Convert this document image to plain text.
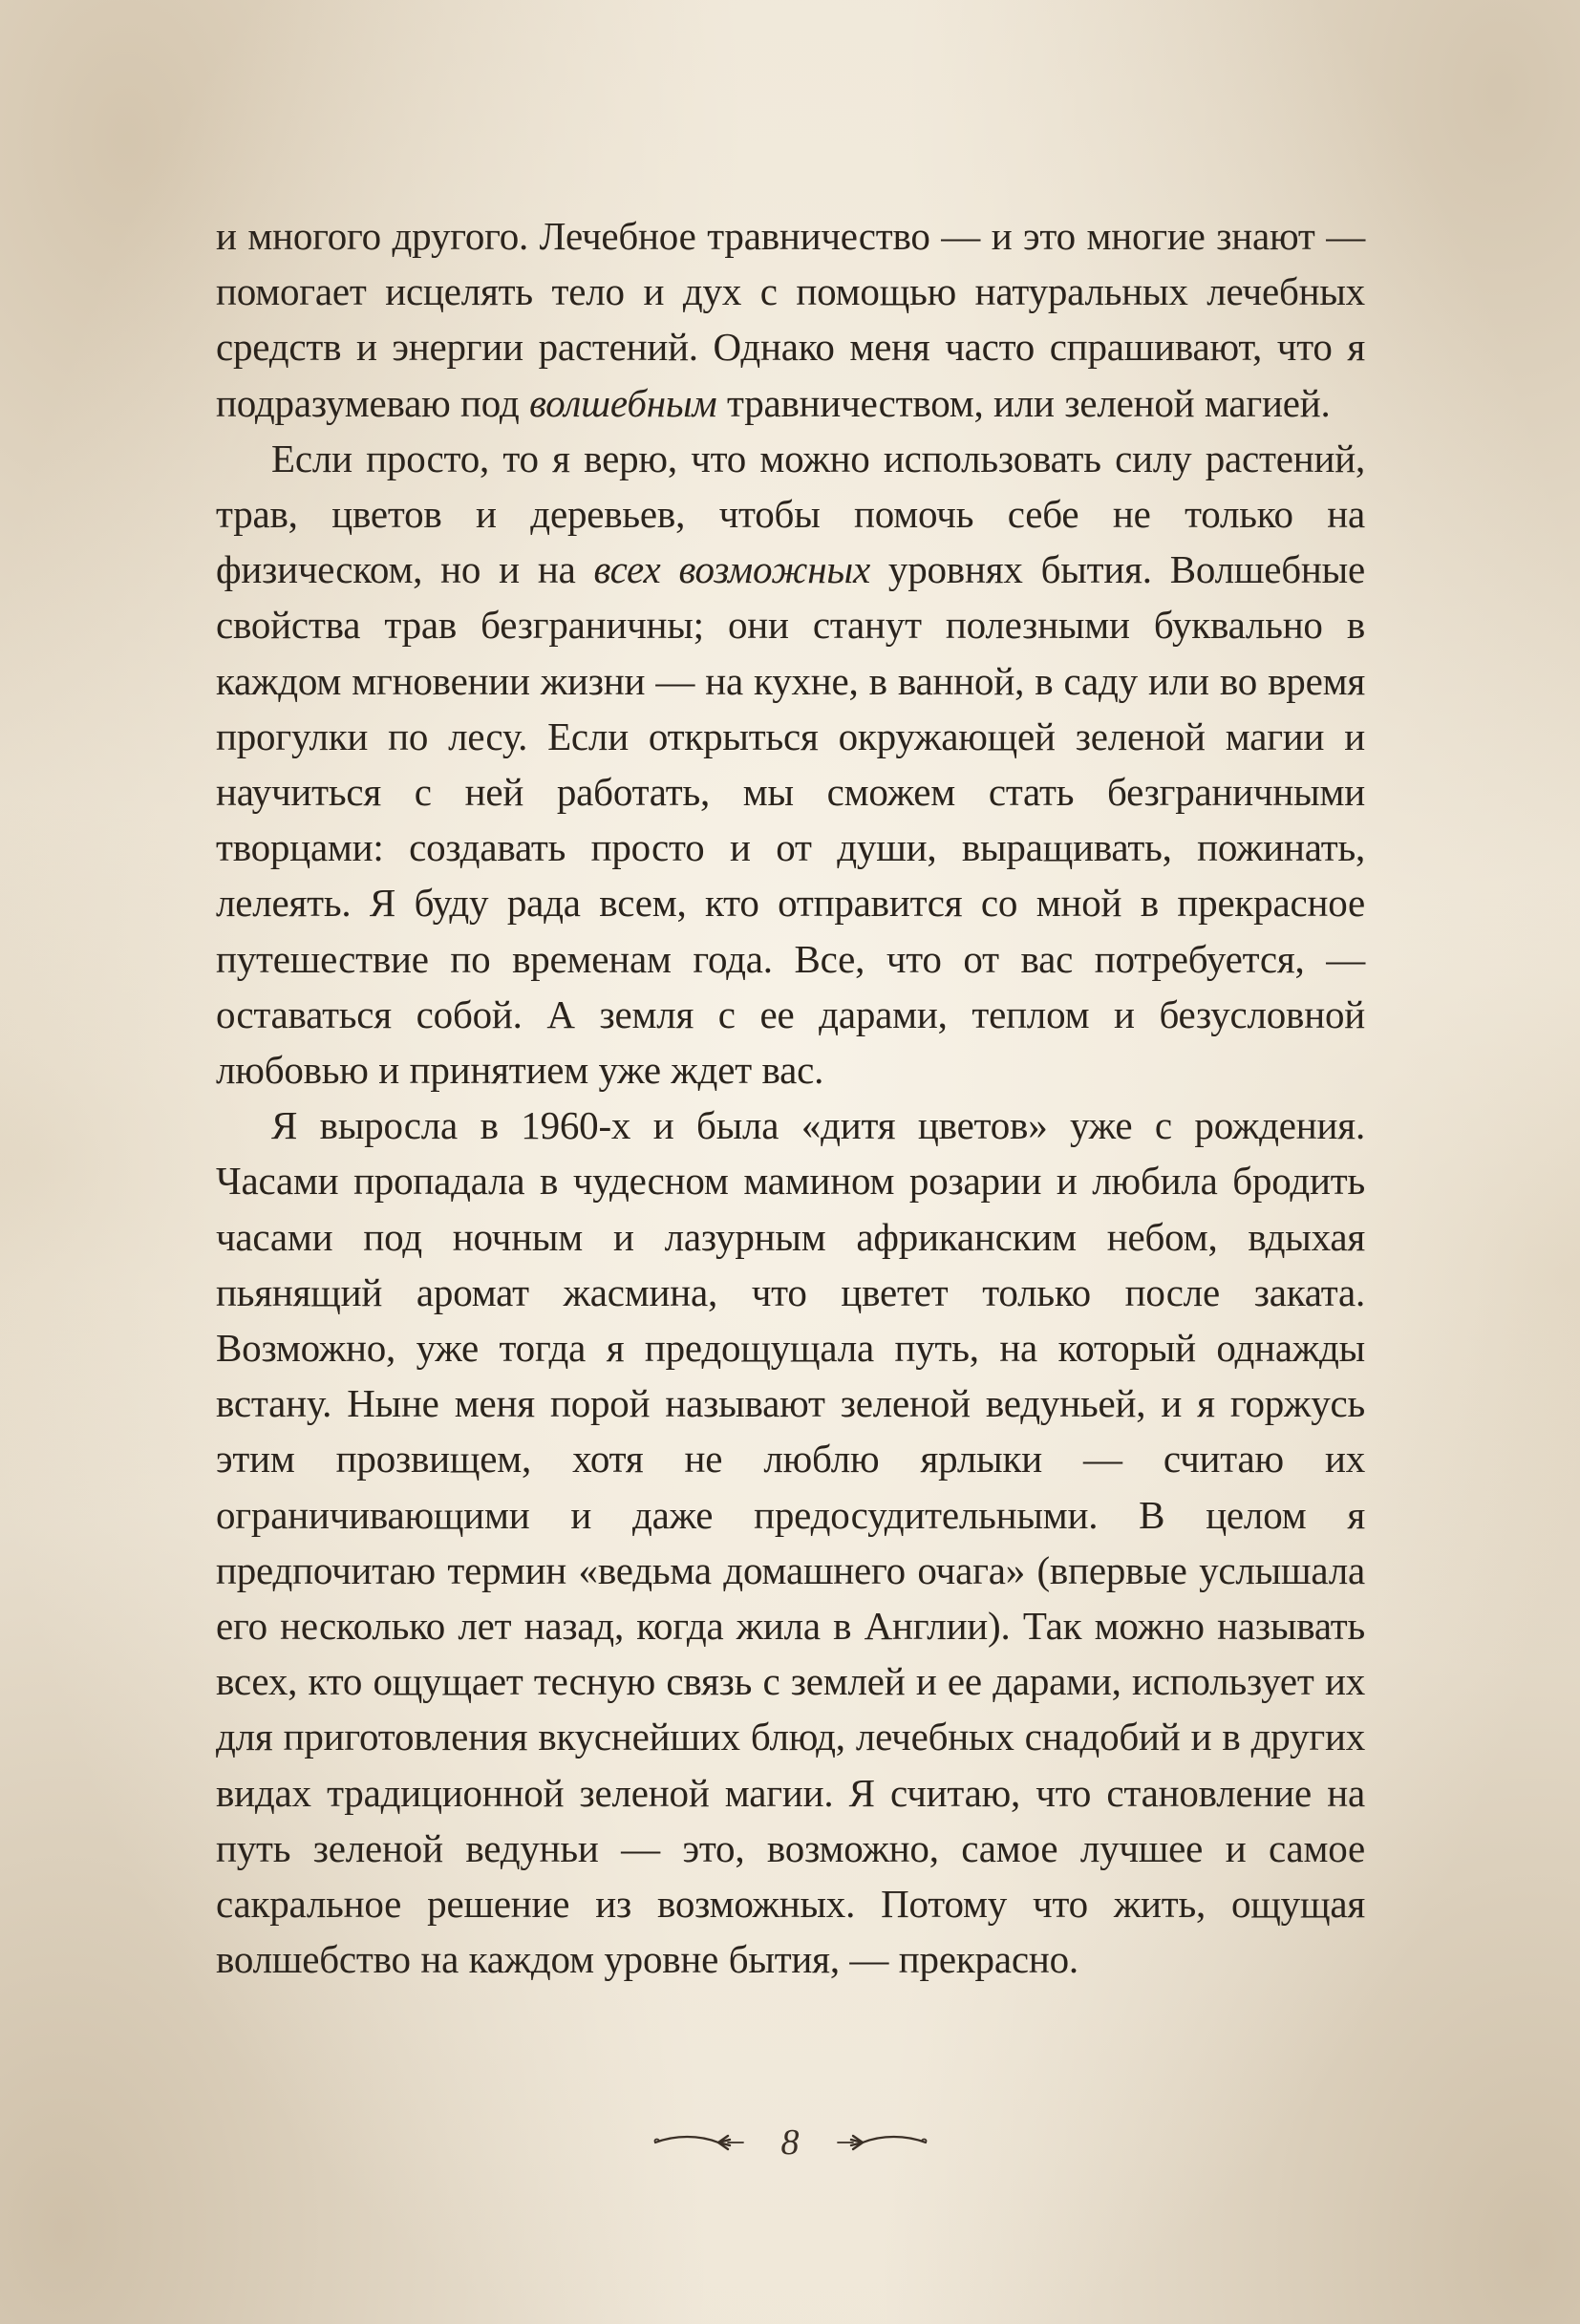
и многого другого. Лечебное травничество — и это многие знают — помогает исцелять тело и дух с помощью натуральных лечебных средств и энергии растений. Однако меня часто спрашивают, что я подразумеваю под волшебным травничеством, или зеленой магией.

Если просто, то я верю, что можно использовать силу растений, трав, цветов и деревьев, чтобы помочь себе не только на физическом, но и на всех возможных уровнях бытия. Волшебные свойства трав безграничны; они станут полезными буквально в каждом мгновении жизни — на кухне, в ванной, в саду или во время прогулки по лесу. Если открыться окружающей зеленой магии и научиться с ней работать, мы сможем стать безграничными творцами: создавать просто и от души, выращивать, пожинать, лелеять. Я буду рада всем, кто отправится со мной в прекрасное путешествие по временам года. Все, что от вас потребуется, — оставаться собой. А земля с ее дарами, теплом и безусловной любовью и принятием уже ждет вас.

Я выросла в 1960-х и была «дитя цветов» уже с рождения. Часами пропадала в чудесном мамином розарии и любила бродить часами под ночным и лазурным африканским небом, вдыхая пьянящий аромат жасмина, что цветет только после заката. Возможно, уже тогда я предощущала путь, на который однажды встану. Ныне меня порой называют зеленой ведуньей, и я горжусь этим прозвищем, хотя не люблю ярлыки — считаю их ограничивающими и даже предосудительными. В целом я предпочитаю термин «ведьма домашнего очага» (впервые услышала его несколько лет назад, когда жила в Англии). Так можно называть всех, кто ощущает тесную связь с землей и ее дарами, использует их для приготовления вкуснейших блюд, лечебных снадобий и в других видах традиционной зеленой магии. Я считаю, что становление на путь зеленой ведуньи — это, возможно, самое лучшее и самое сакральное решение из возможных. Потому что жить, ощущая волшебство на каждом уровне бытия, — прекрасно.

8
